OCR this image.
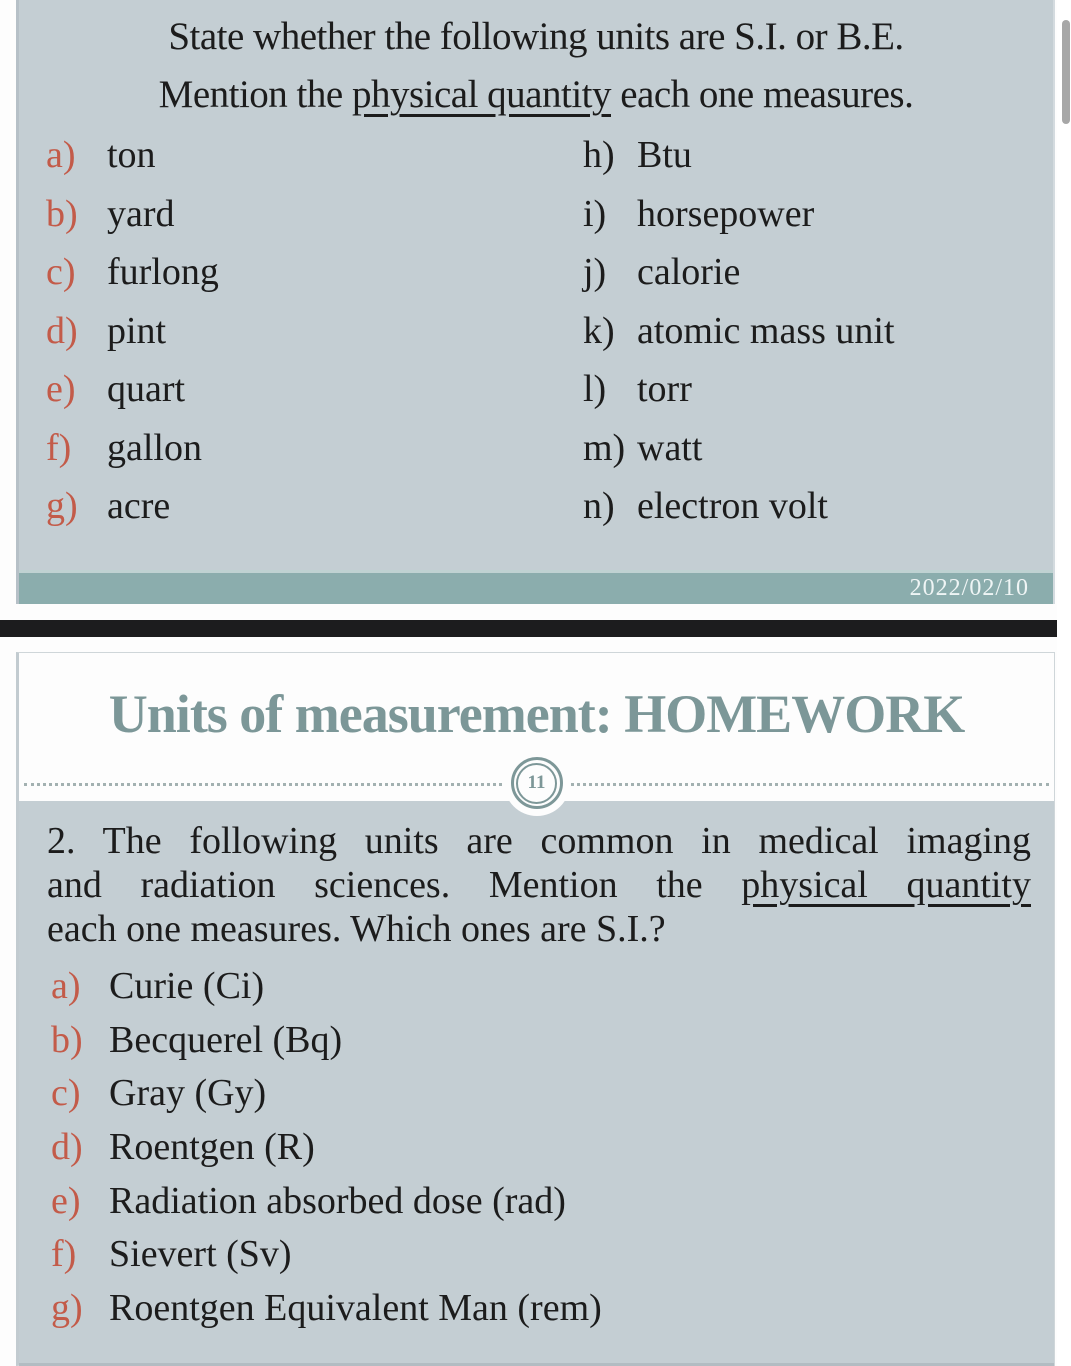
State whether the following units are S.I. or B.E.
Mention the physical quantity each one measures.
a) ton
b) yard
c) furlong
d) pint
e) quart
f) gallon
g) acre
h) Btu
i) horsepower
j) calorie
k) atomic mass unit
l) torr
m) watt
n) electron volt
2022/02/10
Units of measurement: HOMEWORK
2. The following units are common in medical imaging
and radiation sciences. Mention the physical quantity
each one measures. Which ones are S.I.?
a) Curie (Ci)
b) Becquerel (Bq)
c) Gray (Gy)
d) Roentgen (R)
e) Radiation absorbed dose (rad)
f) Sievert (Sv)
g) Roentgen Equivalent Man (rem)
11
